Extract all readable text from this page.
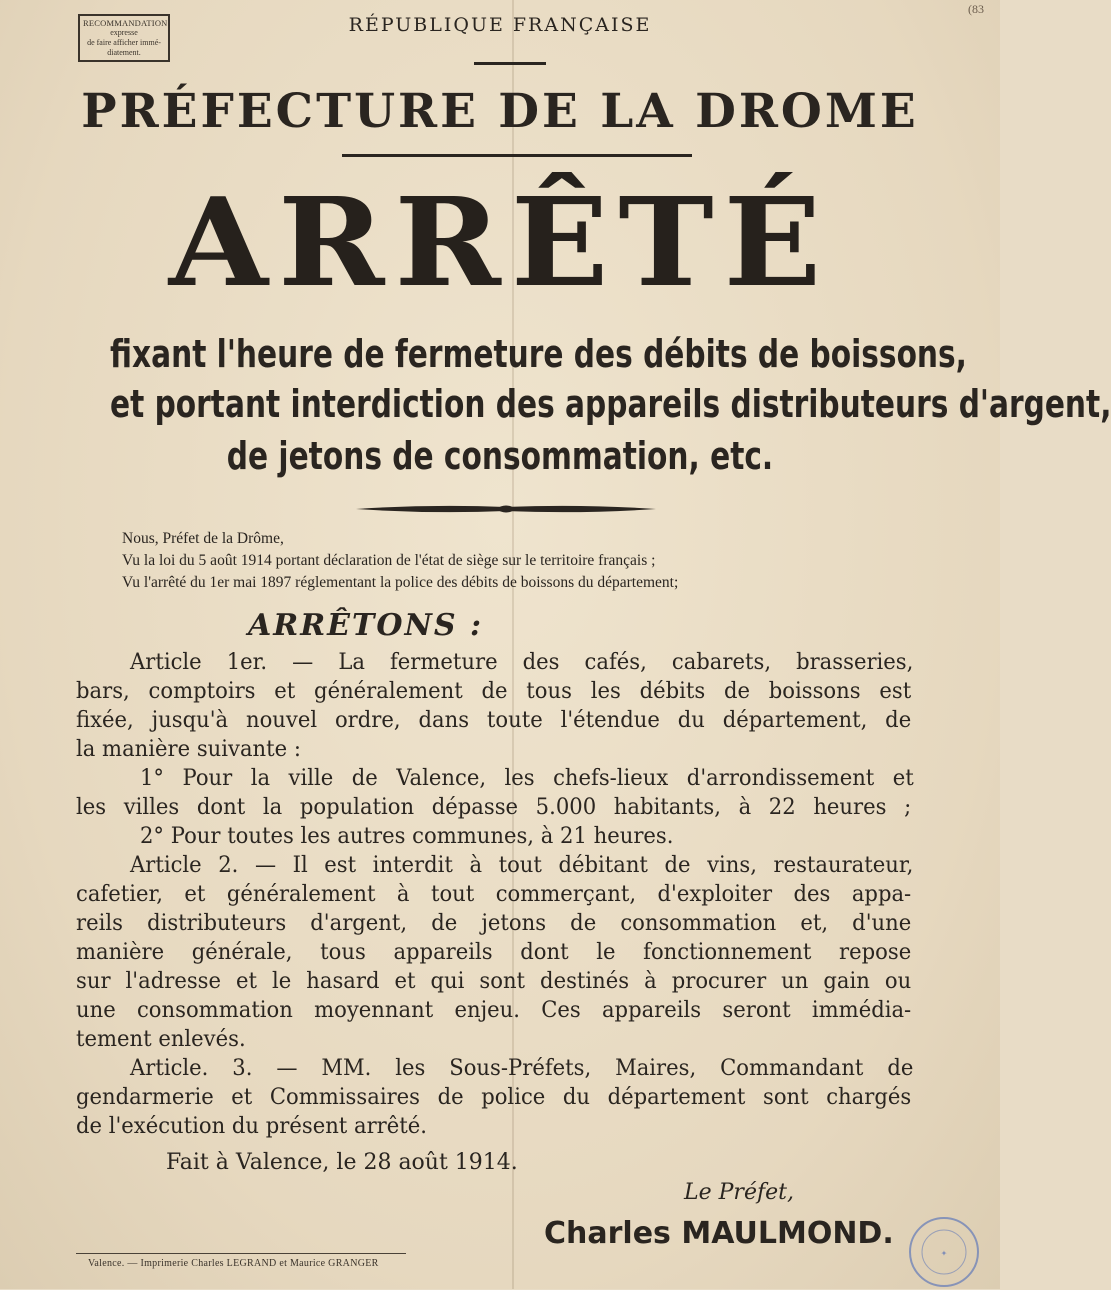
RECOMMANDATION
expresse
de faire afficher immé-
diatement.
(83
RÉPUBLIQUE FRANÇAISE
PRÉFECTURE DE LA DROME
ARRÊTÉ
fixant l'heure de fermeture des débits de boissons,
et portant interdiction des appareils distributeurs d'argent,
de jetons de consommation, etc.
Nous, Préfet de la Drôme,
Vu la loi du 5 août 1914 portant déclaration de l'état de siège sur le territoire français ;
Vu l'arrêté du 1er mai 1897 réglementant la police des débits de boissons du département;
ARRÊTONS :
Article 1er. — La fermeture des cafés, cabarets, brasseries,
bars, comptoirs et généralement de tous les débits de boissons est
fixée, jusqu'à nouvel ordre, dans toute l'étendue du département, de
la manière suivante :
1° Pour la ville de Valence, les chefs-lieux d'arrondissement et
les villes dont la population dépasse 5.000 habitants, à 22 heures ;
2° Pour toutes les autres communes, à 21 heures.
Article 2. — Il est interdit à tout débitant de vins, restaurateur,
cafetier, et généralement à tout commerçant, d'exploiter des appa-
reils distributeurs d'argent, de jetons de consommation et, d'une
manière générale, tous appareils dont le fonctionnement repose
sur l'adresse et le hasard et qui sont destinés à procurer un gain ou
une consommation moyennant enjeu. Ces appareils seront immédia-
tement enlevés.
Article. 3. — MM. les Sous-Préfets, Maires, Commandant de
gendarmerie et Commissaires de police du département sont chargés
de l'exécution du présent arrêté.
Fait à Valence, le 28 août 1914.
Le Préfet,
Charles MAULMOND.
Valence. — Imprimerie Charles LEGRAND et Maurice GRANGER
✦
